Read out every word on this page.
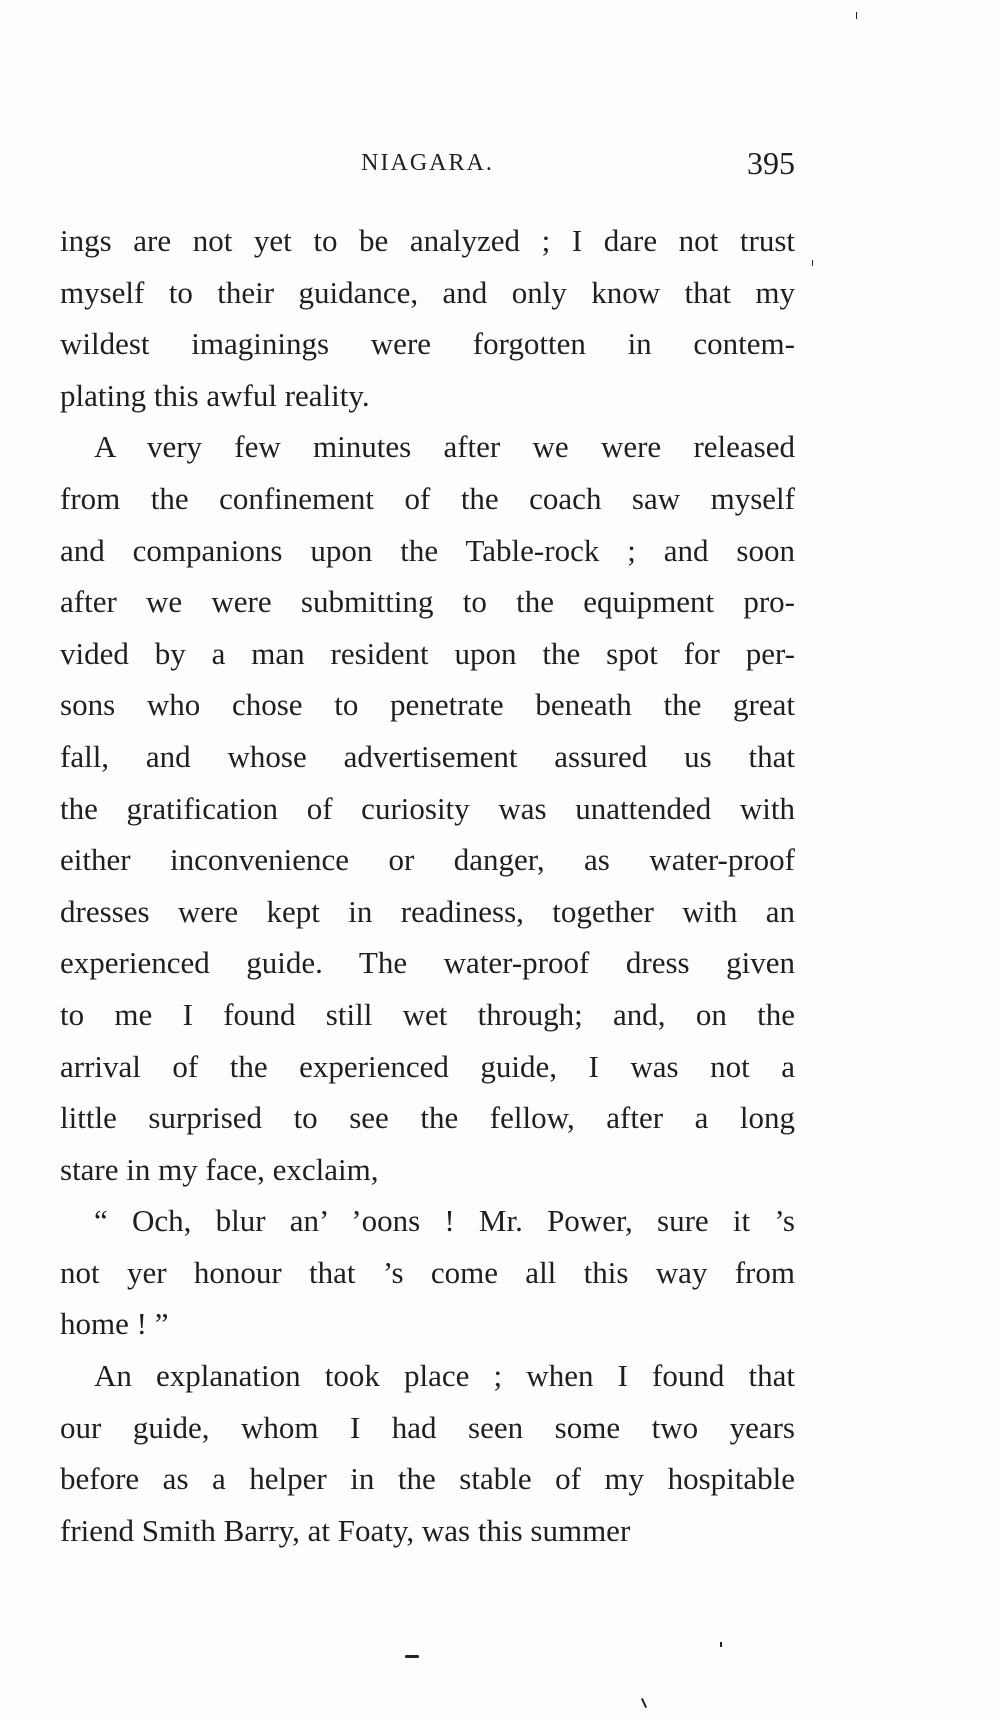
NIAGARA.	395
ings are not yet to be analyzed ; I dare not trust
myself to their guidance, and only know that my
wildest imaginings were forgotten in contem-
plating this awful reality.
A very few minutes after we were released
from the confinement of the coach saw myself
and companions upon the Table-rock ; and soon
after we were submitting to the equipment pro-
vided by a man resident upon the spot for per-
sons who chose to penetrate beneath the great
fall, and whose advertisement assured us that
the gratification of curiosity was unattended with
either inconvenience or danger, as water-proof
dresses were kept in readiness, together with an
experienced guide. The water-proof dress given
to me I found still wet through; and, on the
arrival of the experienced guide, I was not a
little surprised to see the fellow, after a long
stare in my face, exclaim,
“ Och, blur an’ ’oons ! Mr. Power, sure it ’s
not yer honour that ’s come all this way from
home ! ”
An explanation took place ; when I found that
our guide, whom I had seen some two years
before as a helper in the stable of my hospitable
friend Smith Barry, at Foaty, was this summer
